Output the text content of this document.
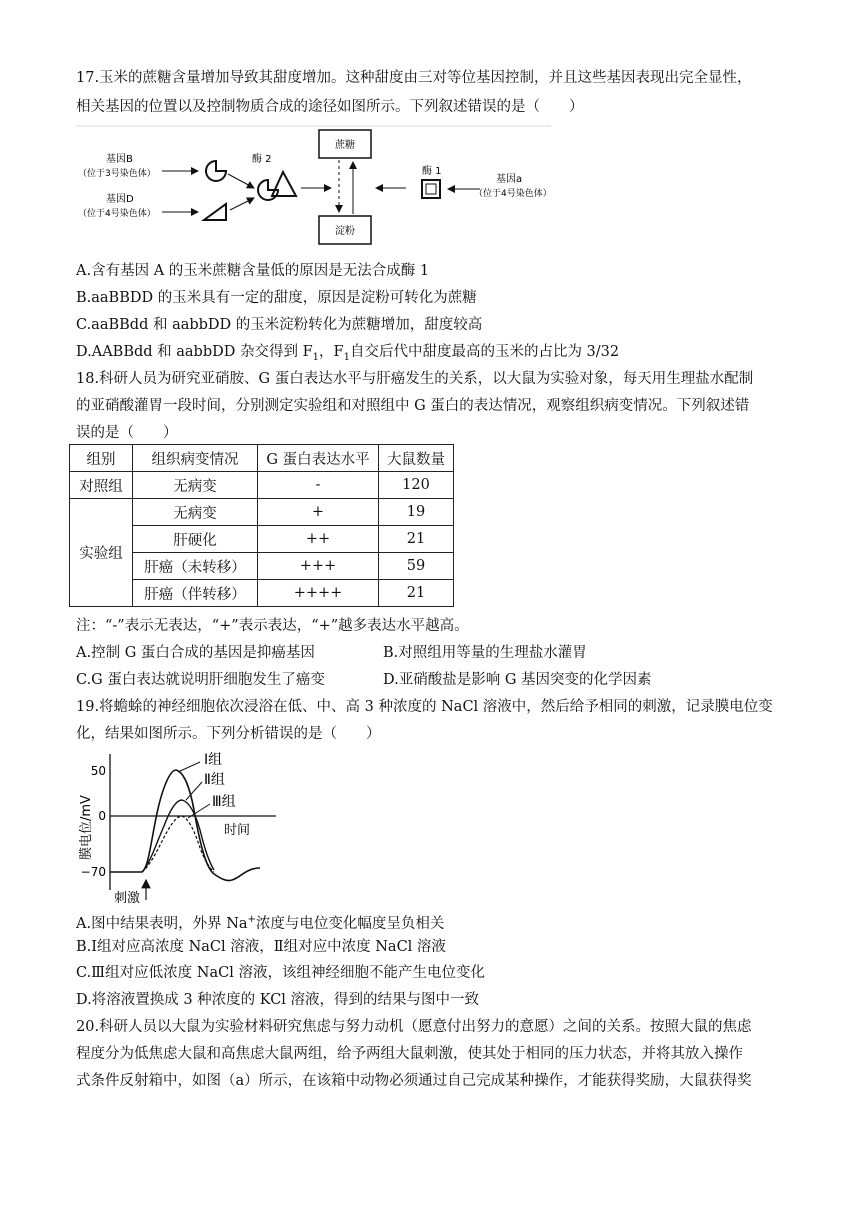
17.玉米的蔗糖含量增加导致其甜度增加。这种甜度由三对等位基因控制，并且这些基因表现出完全显性，
相关基因的位置以及控制物质合成的途径如图所示。下列叙述错误的是（　　）
基因B
（位于3号染色体）
基因D
（位于4号染色体）
酶 2
蔗糖
淀粉
酶 1
基因a
（位于4号染色体）
A.含有基因 A 的玉米蔗糖含量低的原因是无法合成酶 1
B.aaBBDD 的玉米具有一定的甜度，原因是淀粉可转化为蔗糖
C.aaBBdd 和 aabbDD 的玉米淀粉转化为蔗糖增加，甜度较高
D.AABBdd 和 aabbDD 杂交得到 $F_1$，$F_1$自交后代中甜度最高的玉米的占比为 3/32
18.科研人员为研究亚硝胺、G 蛋白表达水平与肝癌发生的关系，以大鼠为实验对象，每天用生理盐水配制
的亚硝酸灌胃一段时间，分别测定实验组和对照组中 G 蛋白的表达情况，观察组织病变情况。下列叙述错
误的是（　　）
组别	组织病变情况	G 蛋白表达水平	大鼠数量
对照组	无病变	-	120
实验组	无病变	+	19
	肝硬化	++	21
	肝癌（未转移）	+++	59
	肝癌（伴转移）	++++	21
注：“-”表示无表达，“+”表示表达，“+”越多表达水平越高。
A.控制 G 蛋白合成的基因是抑癌基因	B.对照组用等量的生理盐水灌胃
C.G 蛋白表达就说明肝细胞发生了癌变	D.亚硝酸盐是影响 G 基因突变的化学因素
19.将蟾蜍的神经细胞依次浸浴在低、中、高 3 种浓度的 NaCl 溶液中，然后给予相同的刺激，记录膜电位变
化，结果如图所示。下列分析错误的是（　　）
膜电位/mV
50
0
−70
时间
Ⅰ组
Ⅱ组
Ⅲ组
刺激
A.图中结果表明，外界 Na+浓度与电位变化幅度呈负相关
B.Ⅰ组对应高浓度 NaCl 溶液，Ⅱ组对应中浓度 NaCl 溶液
C.Ⅲ组对应低浓度 NaCl 溶液，该组神经细胞不能产生电位变化
D.将溶液置换成 3 种浓度的 KCl 溶液，得到的结果与图中一致
20.科研人员以大鼠为实验材料研究焦虑与努力动机（愿意付出努力的意愿）之间的关系。按照大鼠的焦虑
程度分为低焦虑大鼠和高焦虑大鼠两组，给予两组大鼠刺激，使其处于相同的压力状态，并将其放入操作
式条件反射箱中，如图（a）所示，在该箱中动物必须通过自己完成某种操作，才能获得奖励，大鼠获得奖
